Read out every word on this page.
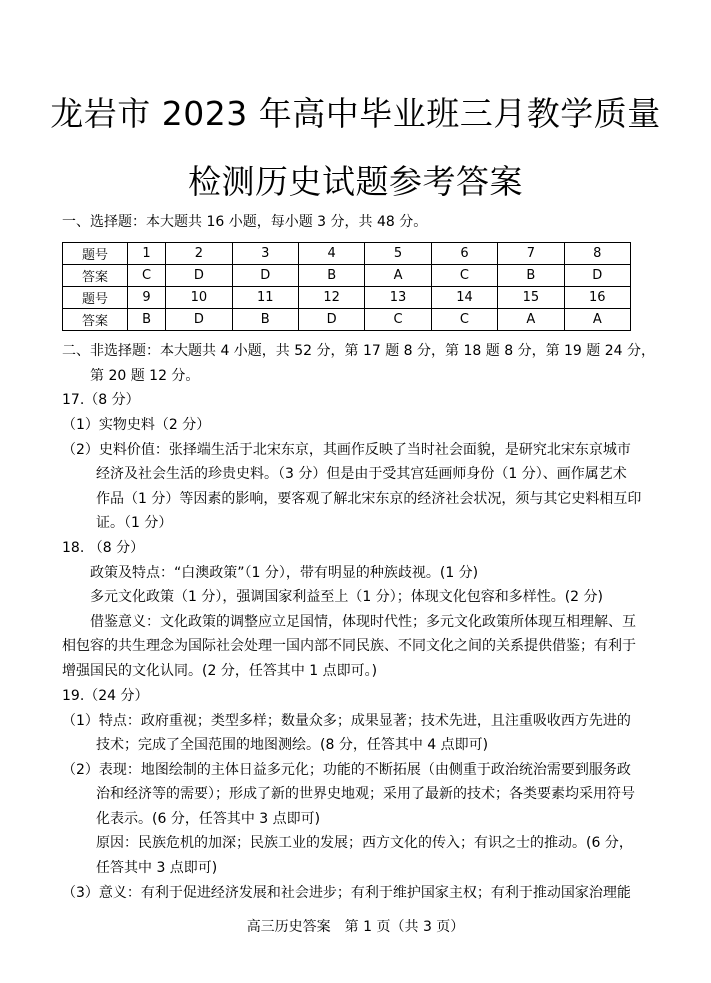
龙岩市 2023 年高中毕业班三月教学质量
检测历史试题参考答案
一、选择题：本大题共 16 小题，每小题 3 分，共 48 分。
题号	1	2	3	4	5	6	7	8
答案	C	D	D	B	A	C	B	D
题号	9	10	11	12	13	14	15	16
答案	B	D	B	D	C	C	A	A
二、非选择题：本大题共 4 小题，共 52 分，第 17 题 8 分，第 18 题 8 分，第 19 题 24 分，
第 20 题 12 分。
17.（8 分）
（1）实物史料（2 分）
（2）史料价值：张择端生活于北宋东京，其画作反映了当时社会面貌，是研究北宋东京城市
经济及社会生活的珍贵史料。（3 分）但是由于受其宫廷画师身份（1 分）、画作属艺术
作品（1 分）等因素的影响，要客观了解北宋东京的经济社会状况，须与其它史料相互印
证。（1 分）
18. （8 分）
政策及特点：“白澳政策”（1 分），带有明显的种族歧视。(1 分)
多元文化政策（1 分），强调国家利益至上（1 分）；体现文化包容和多样性。(2 分)
借鉴意义：文化政策的调整应立足国情，体现时代性；多元文化政策所体现互相理解、互
相包容的共生理念为国际社会处理一国内部不同民族、不同文化之间的关系提供借鉴；有利于
增强国民的文化认同。(2 分，任答其中 1 点即可。)
19.（24 分）
（1）特点：政府重视；类型多样；数量众多；成果显著；技术先进，且注重吸收西方先进的
技术；完成了全国范围的地图测绘。(8 分，任答其中 4 点即可)
（2）表现：地图绘制的主体日益多元化；功能的不断拓展（由侧重于政治统治需要到服务政
治和经济等的需要）；形成了新的世界史地观；采用了最新的技术；各类要素均采用符号
化表示。(6 分，任答其中 3 点即可)
原因：民族危机的加深；民族工业的发展；西方文化的传入；有识之士的推动。(6 分，
任答其中 3 点即可)
（3）意义：有利于促进经济发展和社会进步；有利于维护国家主权；有利于推动国家治理能
高三历史答案　第 1 页（共 3 页）
